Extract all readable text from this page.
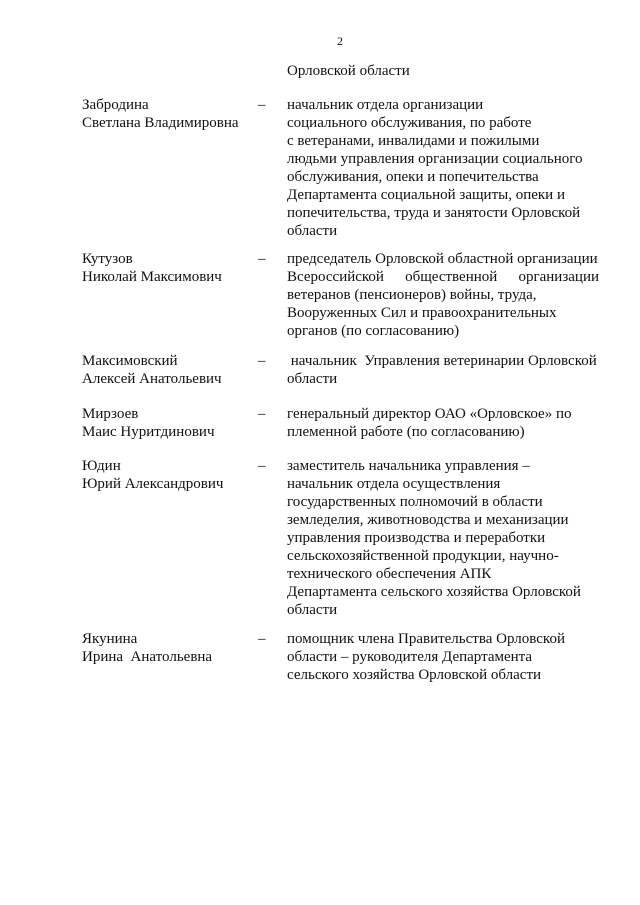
2
Орловской области
Забродина
Светлана Владимировна
– начальник отдела организации
социального обслуживания, по работе
с ветеранами, инвалидами и пожилыми
людьми управления организации социального
обслуживания, опеки и попечительства
Департамента социальной защиты, опеки и
попечительства, труда и занятости Орловской
области
Кутузов
Николай Максимович
– председатель Орловской областной организации
Всероссийской общественной организации
ветеранов (пенсионеров) войны, труда,
Вооруженных Сил и правоохранительных
органов (по согласованию)
Максимовский
Алексей Анатольевич
– начальник  Управления ветеринарии Орловской
области
Мирзоев
Маис Нуритдинович
– генеральный директор ОАО «Орловское» по
племенной работе (по согласованию)
Юдин
Юрий Александрович
– заместитель начальника управления –
начальник отдела осуществления
государственных полномочий в области
земледелия, животноводства и механизации
управления производства и переработки
сельскохозяйственной продукции, научно-
технического обеспечения АПК
Департамента сельского хозяйства Орловской
области
Якунина
Ирина  Анатольевна
– помощник члена Правительства Орловской
области – руководителя Департамента
сельского хозяйства Орловской области
